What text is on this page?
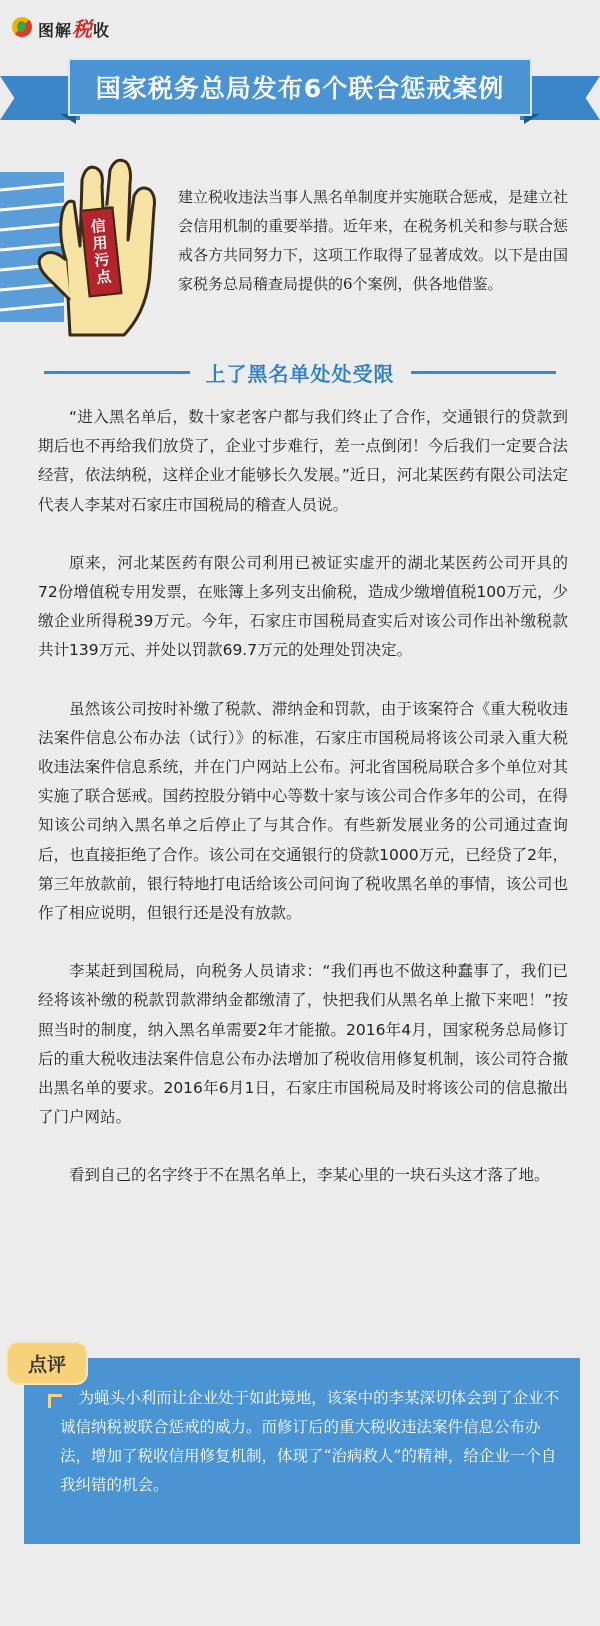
图解税收
国家税务总局发布6个联合惩戒案例
信用污点

建立税收违法当事人黑名单制度并实施联合惩戒，是建立社会信用机制的重要举措。近年来，在税务机关和参与联合惩戒各方共同努力下，这项工作取得了显著成效。以下是由国家税务总局稽查局提供的6个案例，供各地借鉴。

上了黑名单处处受限

“进入黑名单后，数十家老客户都与我们终止了合作，交通银行的贷款到期后也不再给我们放贷了，企业寸步难行，差一点倒闭！今后我们一定要合法经营，依法纳税，这样企业才能够长久发展。”近日，河北某医药有限公司法定代表人李某对石家庄市国税局的稽查人员说。

原来，河北某医药有限公司利用已被证实虚开的湖北某医药公司开具的72份增值税专用发票，在账簿上多列支出偷税，造成少缴增值税100万元，少缴企业所得税39万元。今年，石家庄市国税局查实后对该公司作出补缴税款共计139万元、并处以罚款69.7万元的处理处罚决定。

虽然该公司按时补缴了税款、滞纳金和罚款，由于该案符合《重大税收违法案件信息公布办法（试行）》的标准，石家庄市国税局将该公司录入重大税收违法案件信息系统，并在门户网站上公布。河北省国税局联合多个单位对其实施了联合惩戒。国药控股分销中心等数十家与该公司合作多年的公司，在得知该公司纳入黑名单之后停止了与其合作。有些新发展业务的公司通过查询后，也直接拒绝了合作。该公司在交通银行的贷款1000万元，已经贷了2年，第三年放款前，银行特地打电话给该公司问询了税收黑名单的事情，该公司也作了相应说明，但银行还是没有放款。

李某赶到国税局，向税务人员请求：“我们再也不做这种蠢事了，我们已经将该补缴的税款罚款滞纳金都缴清了，快把我们从黑名单上撤下来吧！”按照当时的制度，纳入黑名单需要2年才能撤。2016年4月，国家税务总局修订后的重大税收违法案件信息公布办法增加了税收信用修复机制，该公司符合撤出黑名单的要求。2016年6月1日，石家庄市国税局及时将该公司的信息撤出了门户网站。

看到自己的名字终于不在黑名单上，李某心里的一块石头这才落了地。

点评

为蝇头小利而让企业处于如此境地，该案中的李某深切体会到了企业不诚信纳税被联合惩戒的威力。而修订后的重大税收违法案件信息公布办法，增加了税收信用修复机制，体现了“治病救人”的精神，给企业一个自我纠错的机会。
